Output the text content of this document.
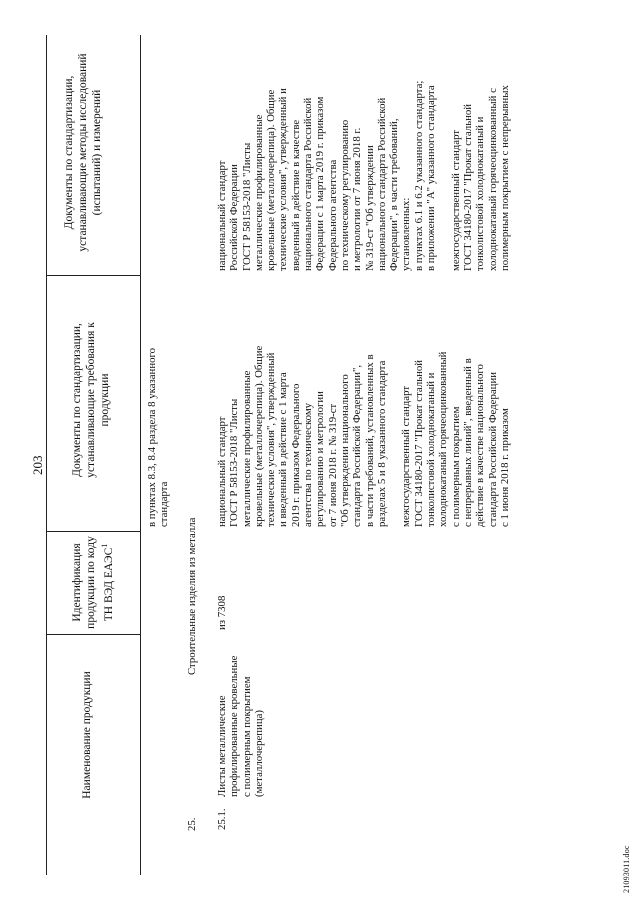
203
Наименование продукции
Идентификация продукции по коду ТН ВЭД ЕАЭС$^1$
Документы по стандартизации, устанавливающие требования к продукции
Документы по стандартизации, устанавливающие методы исследований (испытаний) и измерений
в пунктах 8.3, 8.4 раздела 8 указанного
стандарта
25.
Строительные изделия из металла
25.1.
Листы металлические
профилированные кровельные
с полимерным покрытием
(металлочерепица)
из 7308
национальный стандарт
ГОСТ Р 58153-2018 "Листы
металлические профилированные
кровельные (металлочерепица). Общие
технические условия", утвержденный
и введенный в действие с 1 марта
2019 г. приказом Федерального
агентства по техническому
регулированию и метрологии
от 7 июня 2018 г. № 319-ст
"Об утверждении национального
стандарта Российской Федерации",
в части требований, установленных в
разделах 5 и 8 указанного стандарта

межгосударственный стандарт
ГОСТ 34180-2017 "Прокат стальной
тонколистовой холоднокатаный и
холоднокатаный горячеоцинкованный
с полимерным покрытием
с непрерывных линий", введенный в
действие в качестве национального
стандарта Российской Федерации
с 1 июня 2018 г. приказом
национальный стандарт
Российской Федерации
ГОСТ Р 58153-2018 "Листы
металлические профилированные
кровельные (металлочерепица). Общие
технические условия", утвержденный и
введенный в действие в качестве
национального стандарта Российской
Федерации с 1 марта 2019 г. приказом
Федерального агентства
по техническому регулированию
и метрологии от 7 июня 2018 г.
№ 319-ст "Об утверждении
национального стандарта Российской
Федерации", в части требований,
установленных:
в пунктах 6.1 и 6.2 указанного стандарта;
в приложении "А" указанного стандарта

межгосударственный стандарт
ГОСТ 34180-2017 "Прокат стальной
тонколистовой холоднокатаный и
холоднокатаный горячеоцинкованный с
полимерным покрытием с непрерывных
21093011.doc
